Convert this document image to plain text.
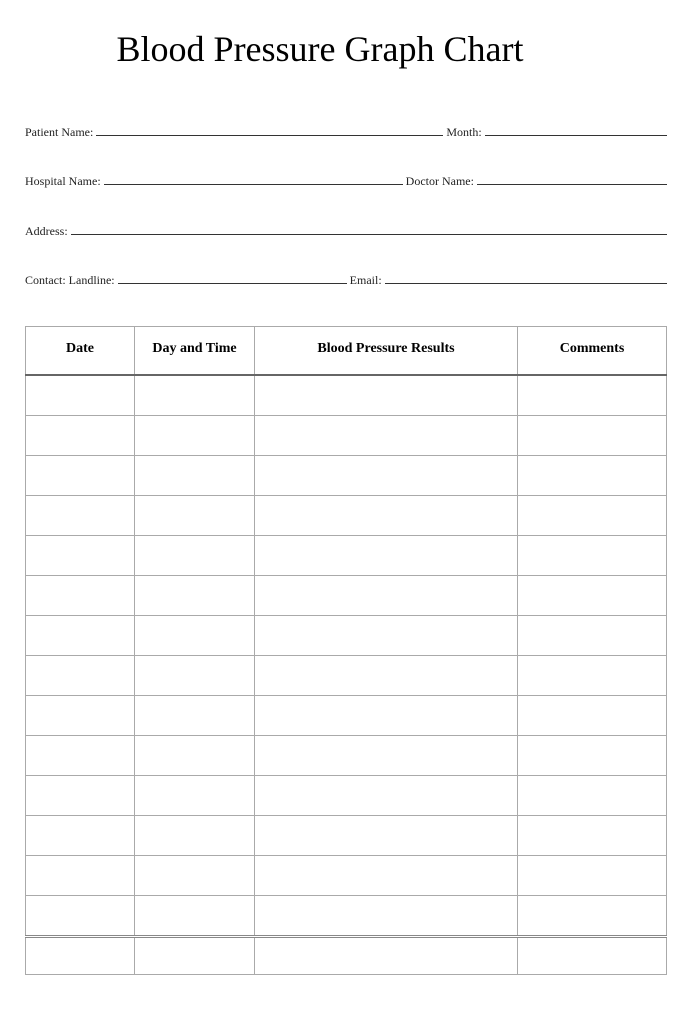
Blood Pressure Graph Chart
Patient Name:	Month:
Hospital Name:	Doctor Name:
Address:
Contact: Landline:	Email:
Date	Day and Time	Blood Pressure Results	Comments
